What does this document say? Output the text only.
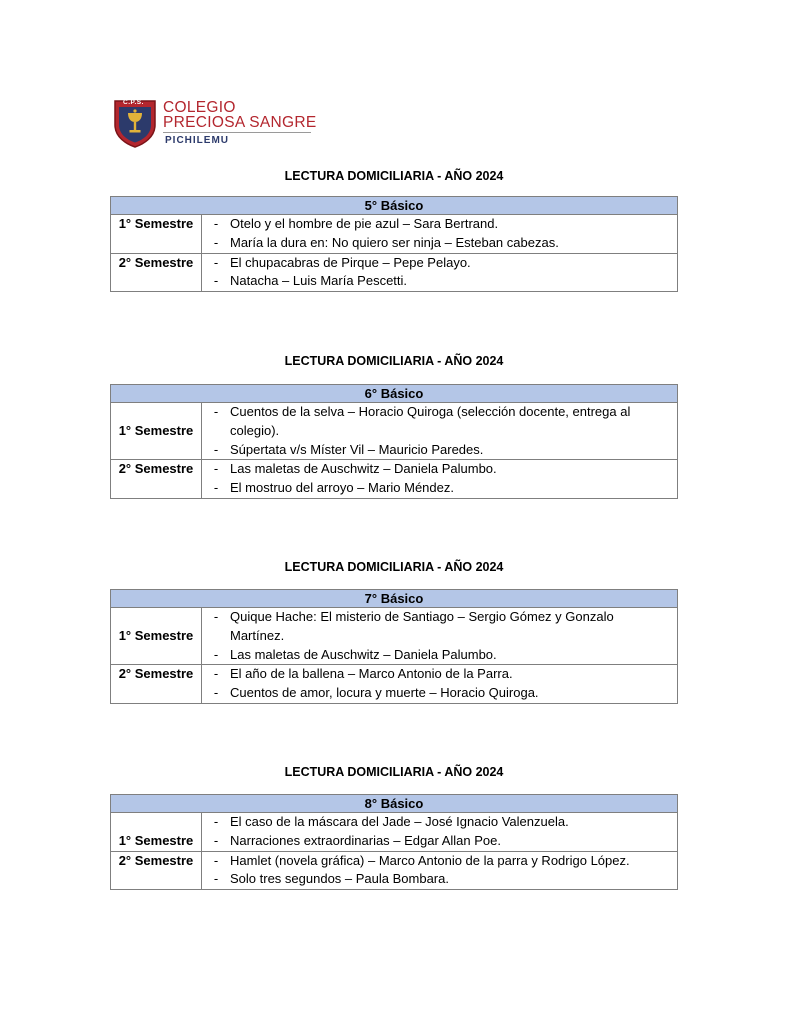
C.P.S. COLEGIO
PRECIOSA SANGRE
PICHILEMU
LECTURA DOMICILIARIA - AÑO 2024
5° Básico	
1° Semestre	- Otelo y el hombre de pie azul – Sara Bertrand.
- María la dura en: No quiero ser ninja – Esteban cabezas.

2° Semestre	- El chupacabras de Pirque – Pepe Pelayo.
- Natacha – Luis María Pescetti.
LECTURA DOMICILIARIA - AÑO 2024
6° Básico	
1° Semestre	- Cuentos de la selva – Horacio Quiroga (selección docente, entrega al colegio).
- Súpertata v/s Míster Vil – Mauricio Paredes.

2° Semestre	- Las maletas de Auschwitz – Daniela Palumbo.
- El mostruo del arroyo – Mario Méndez.
LECTURA DOMICILIARIA - AÑO 2024
7° Básico	
1° Semestre	- Quique Hache: El misterio de Santiago – Sergio Gómez y Gonzalo Martínez.
- Las maletas de Auschwitz – Daniela Palumbo.

2° Semestre	- El año de la ballena – Marco Antonio de la Parra.
- Cuentos de amor, locura y muerte – Horacio Quiroga.
LECTURA DOMICILIARIA - AÑO 2024
8° Básico	
1° Semestre	- El caso de la máscara del Jade – José Ignacio Valenzuela.
- Narraciones extraordinarias – Edgar Allan Poe.

2° Semestre	- Hamlet (novela gráfica) – Marco Antonio de la parra y Rodrigo López.
- Solo tres segundos – Paula Bombara.
